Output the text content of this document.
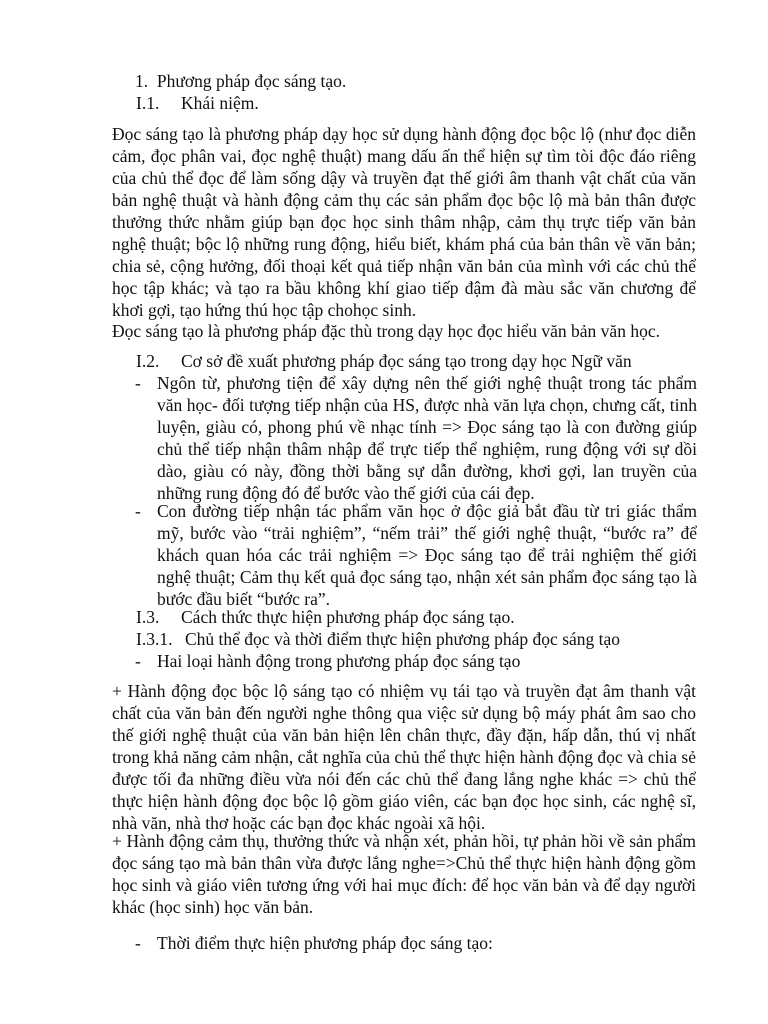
1. Phương pháp đọc sáng tạo.
I.1. Khái niệm.
Đọc sáng tạo là phương pháp dạy học sử dụng hành động đọc bộc lộ (như đọc diễn cảm, đọc phân vai, đọc nghệ thuật) mang dấu ấn thể hiện sự tìm tòi độc đáo riêng của chủ thể đọc để làm sống dậy và truyền đạt thế giới âm thanh vật chất của văn bản nghệ thuật và hành động cảm thụ các sản phẩm đọc bộc lộ mà bản thân được thưởng thức nhằm giúp bạn đọc học sinh thâm nhập, cảm thụ trực tiếp văn bản nghệ thuật; bộc lộ những rung động, hiểu biết, khám phá của bản thân về văn bản; chia sẻ, cộng hưởng, đối thoại kết quả tiếp nhận văn bản của mình với các chủ thể học tập khác; và tạo ra bầu không khí giao tiếp đậm đà màu sắc văn chương để khơi gợi, tạo hứng thú học tập chohọc sinh.
Đọc sáng tạo là phương pháp đặc thù trong dạy học đọc hiểu văn bản văn học.
I.2. Cơ sở đề xuất phương pháp đọc sáng tạo trong dạy học Ngữ văn
- Ngôn từ, phương tiện để xây dựng nên thế giới nghệ thuật trong tác phẩm văn học- đối tượng tiếp nhận của HS, được nhà văn lựa chọn, chưng cất, tinh luyện, giàu có, phong phú về nhạc tính => Đọc sáng tạo là con đường giúp chủ thể tiếp nhận thâm nhập để trực tiếp thể nghiệm, rung động với sự dồi dào, giàu có này, đồng thời bằng sự dẫn đường, khơi gợi, lan truyền của những rung động đó để bước vào thế giới của cái đẹp.
- Con đường tiếp nhận tác phẩm văn học ở độc giả bắt đầu từ tri giác thẩm mỹ, bước vào “trải nghiệm”, “nếm trải” thế giới nghệ thuật, “bước ra” để khách quan hóa các trải nghiệm => Đọc sáng tạo để trải nghiệm thế giới nghệ thuật; Cảm thụ kết quả đọc sáng tạo, nhận xét sản phẩm đọc sáng tạo là bước đầu biết “bước ra”.
I.3. Cách thức thực hiện phương pháp đọc sáng tạo.
I.3.1. Chủ thể đọc và thời điểm thực hiện phương pháp đọc sáng tạo
- Hai loại hành động trong phương pháp đọc sáng tạo
+ Hành động đọc bộc lộ sáng tạo có nhiệm vụ tái tạo và truyền đạt âm thanh vật chất của văn bản đến người nghe thông qua việc sử dụng bộ máy phát âm sao cho thế giới nghệ thuật của văn bản hiện lên chân thực, đầy đặn, hấp dẫn, thú vị nhất trong khả năng cảm nhận, cắt nghĩa của chủ thể thực hiện hành động đọc và chia sẻ được tối đa những điều vừa nói đến các chủ thể đang lắng nghe khác => chủ thể thực hiện hành động đọc bộc lộ gồm giáo viên, các bạn đọc học sinh, các nghệ sĩ, nhà văn, nhà thơ hoặc các bạn đọc khác ngoài xã hội.
+ Hành động cảm thụ, thưởng thức và nhận xét, phản hồi, tự phản hồi về sản phẩm đọc sáng tạo mà bản thân vừa được lắng nghe=>Chủ thể thực hiện hành động gồm học sinh và giáo viên tương ứng với hai mục đích: để học văn bản và để dạy người khác (học sinh) học văn bản.
- Thời điểm thực hiện phương pháp đọc sáng tạo:
